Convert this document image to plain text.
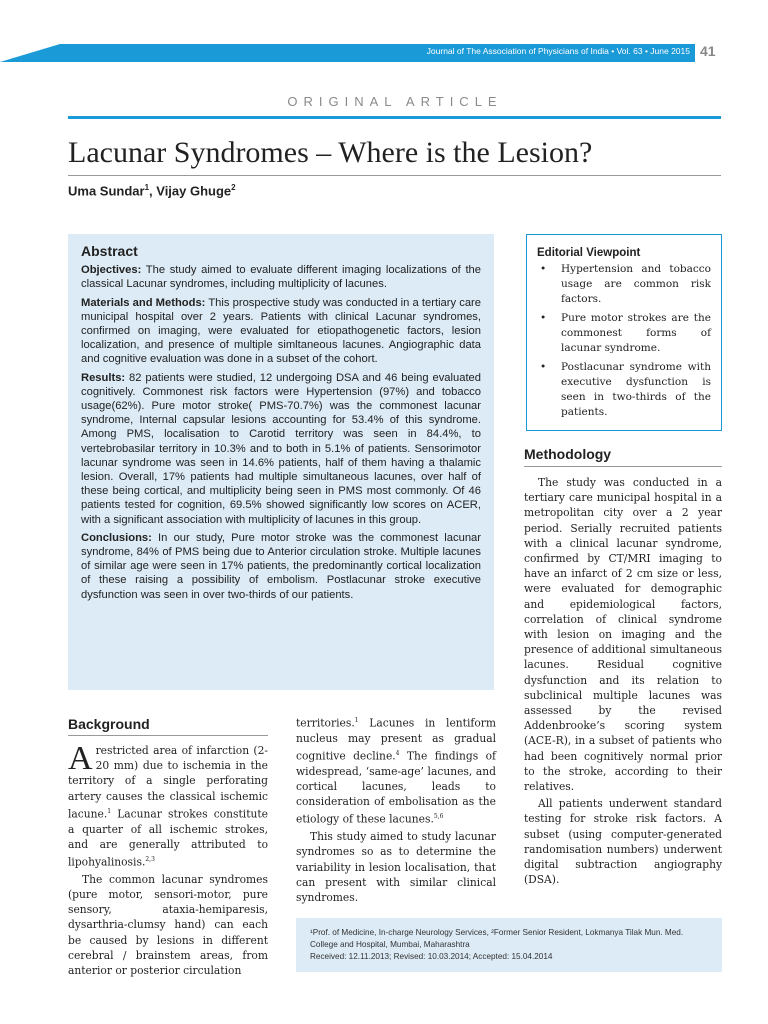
Journal of The Association of Physicians of India • Vol. 63 • June 2015 41
ORIGINAL ARTICLE
Lacunar Syndromes – Where is the Lesion?
Uma Sundar$^1$, Vijay Ghuge$^2$
Abstract

Objectives: The study aimed to evaluate different imaging localizations of the classical Lacunar syndromes, including multiplicity of lacunes.

Materials and Methods: This prospective study was conducted in a tertiary care municipal hospital over 2 years. Patients with clinical Lacunar syndromes, confirmed on imaging, were evaluated for etiopathogenetic factors, lesion localization, and presence of multiple simltaneous lacunes. Angiographic data and cognitive evaluation was done in a subset of the cohort.

Results: 82 patients were studied, 12 undergoing DSA and 46 being evaluated cognitively. Commonest risk factors were Hypertension (97%) and tobacco usage(62%). Pure motor stroke( PMS-70.7%) was the commonest lacunar syndrome, Internal capsular lesions accounting for 53.4% of this syndrome. Among PMS, localisation to Carotid territory was seen in 84.4%, to vertebrobasilar territory in 10.3% and to both in 5.1% of patients. Sensorimotor lacunar syndrome was seen in 14.6% patients, half of them having a thalamic lesion. Overall, 17% patients had multiple simultaneous lacunes, over half of these being cortical, and multiplicity being seen in PMS most commonly. Of 46 patients tested for cognition, 69.5% showed significantly low scores on ACER, with a significant association with multiplicity of lacunes in this group.

Conclusions: In our study, Pure motor stroke was the commonest lacunar syndrome, 84% of PMS being due to Anterior circulation stroke. Multiple lacunes of similar age were seen in 17% patients, the predominantly cortical localization of these raising a possibility of embolism. Postlacunar stroke executive dysfunction was seen in over two-thirds of our patients.

Editorial Viewpoint
• Hypertension and tobacco usage are common risk factors.
• Pure motor strokes are the commonest forms of lacunar syndrome.
• Postlacunar syndrome with executive dysfunction is seen in two-thirds of the patients.
Methodology

The study was conducted in a tertiary care municipal hospital in a metropolitan city over a 2 year period. Serially recruited patients with a clinical lacunar syndrome, confirmed by CT/MRI imaging to have an infarct of 2 cm size or less, were evaluated for demographic and epidemiological factors, correlation of clinical syndrome with lesion on imaging and the presence of additional simultaneous lacunes. Residual cognitive dysfunction and its relation to subclinical multiple lacunes was assessed by the revised Addenbrooke’s scoring system (ACE-R), in a subset of patients who had been cognitively normal prior to the stroke, according to their relatives.

All patients underwent standard testing for stroke risk factors. A subset (using computer-generated randomisation numbers) underwent digital subtraction angiography (DSA).

Background

A restricted area of infarction (2-20 mm) due to ischemia in the territory of a single perforating artery causes the classical ischemic lacune.$^1$ Lacunar strokes constitute a quarter of all ischemic strokes, and are generally attributed to lipohyalinosis.$^{2,3}$

The common lacunar syndromes (pure motor, sensori-motor, pure sensory, ataxia-hemiparesis, dysarthria-clumsy hand) can each be caused by lesions in different cerebral / brainstem areas, from anterior or posterior circulation

territories.$^1$ Lacunes in lentiform nucleus may present as gradual cognitive decline.$^4$ The findings of widespread, ‘same-age’ lacunes, and cortical lacunes, leads to consideration of embolisation as the etiology of these lacunes.$^{5,6}$

This study aimed to study lacunar syndromes so as to determine the variability in lesion localisation, that can present with similar clinical syndromes.

¹Prof. of Medicine, In-charge Neurology Services, ²Former Senior Resident, Lokmanya Tilak Mun. Med. College and Hospital, Mumbai, Maharashtra

Received: 12.11.2013; Revised: 10.03.2014; Accepted: 15.04.2014
